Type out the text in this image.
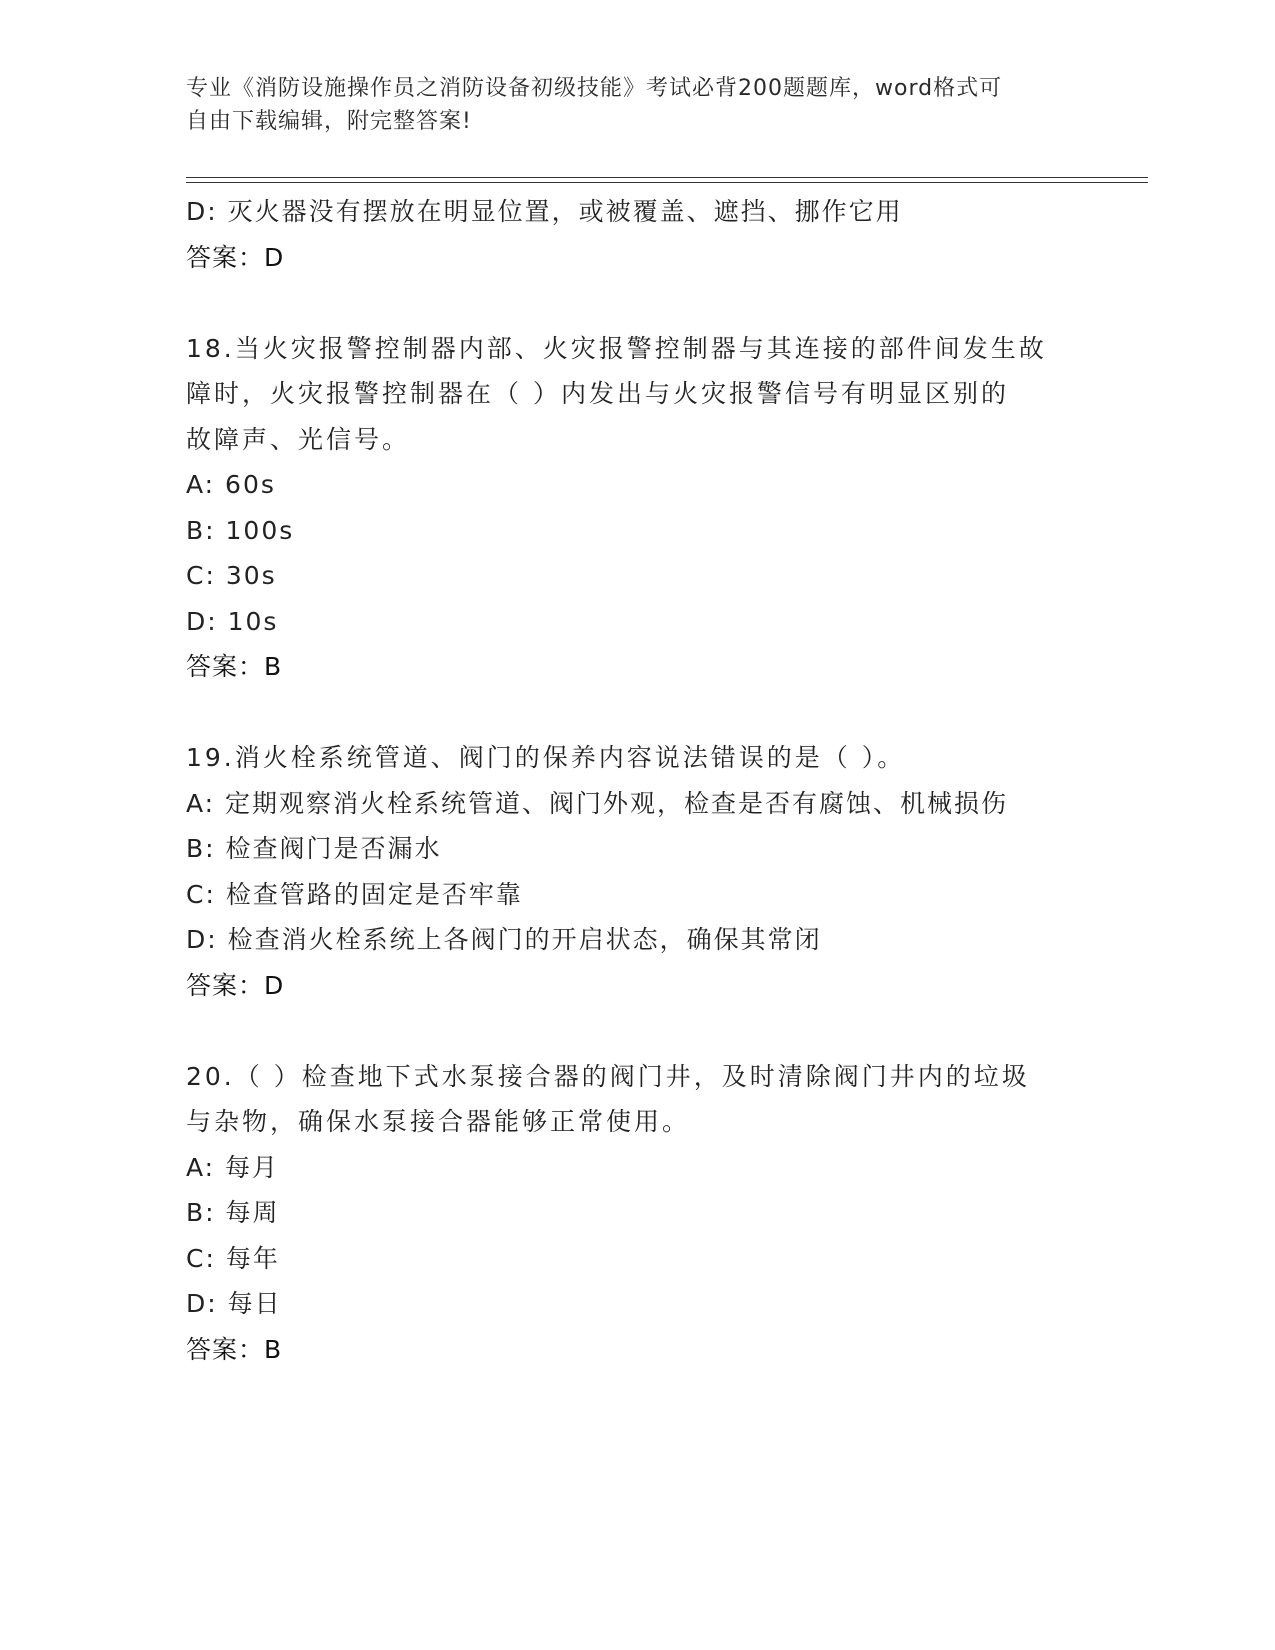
专业《消防设施操作员之消防设备初级技能》考试必背200题题库，word格式可
自由下载编辑，附完整答案!
D: 灭火器没有摆放在明显位置，或被覆盖、遮挡、挪作它用
答案：D
18.当火灾报警控制器内部、火灾报警控制器与其连接的部件间发生故
障时，火灾报警控制器在（ ）内发出与火灾报警信号有明显区别的
故障声、光信号。
A: 60s
B: 100s
C: 30s
D: 10s
答案：B
19.消火栓系统管道、阀门的保养内容说法错误的是（ ）。
A: 定期观察消火栓系统管道、阀门外观，检查是否有腐蚀、机械损伤
B: 检查阀门是否漏水
C: 检查管路的固定是否牢靠
D: 检查消火栓系统上各阀门的开启状态，确保其常闭
答案：D
20.（ ）检查地下式水泵接合器的阀门井，及时清除阀门井内的垃圾
与杂物，确保水泵接合器能够正常使用。
A: 每月
B: 每周
C: 每年
D: 每日
答案：B
